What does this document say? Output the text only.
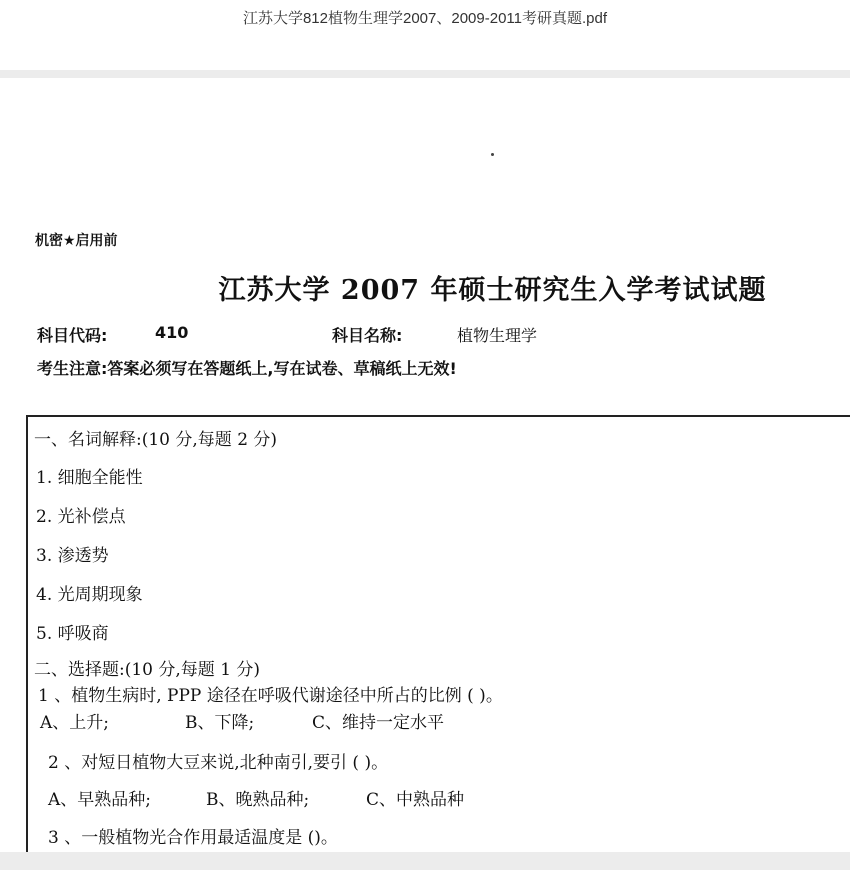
江苏大学812植物生理学2007、2009-2011考研真题.pdf
机密★启用前
江苏大学 2007 年硕士研究生入学考试试题
科目代码:	410	科目名称:	植物生理学
考生注意:答案必须写在答题纸上,写在试卷、草稿纸上无效!
一、名词解释:(10 分,每题 2 分)
1. 细胞全能性
2. 光补偿点
3. 渗透势
4. 光周期现象
5. 呼吸商
二、选择题:(10 分,每题 1 分)
1 、植物生病时, PPP 途径在呼吸代谢途径中所占的比例 ( )。
A、上升;	B、下降;	C、维持一定水平
2 、对短日植物大豆来说,北种南引,要引 ( )。
A、早熟品种;	B、晚熟品种;	C、中熟品种
3 、一般植物光合作用最适温度是 ()。
